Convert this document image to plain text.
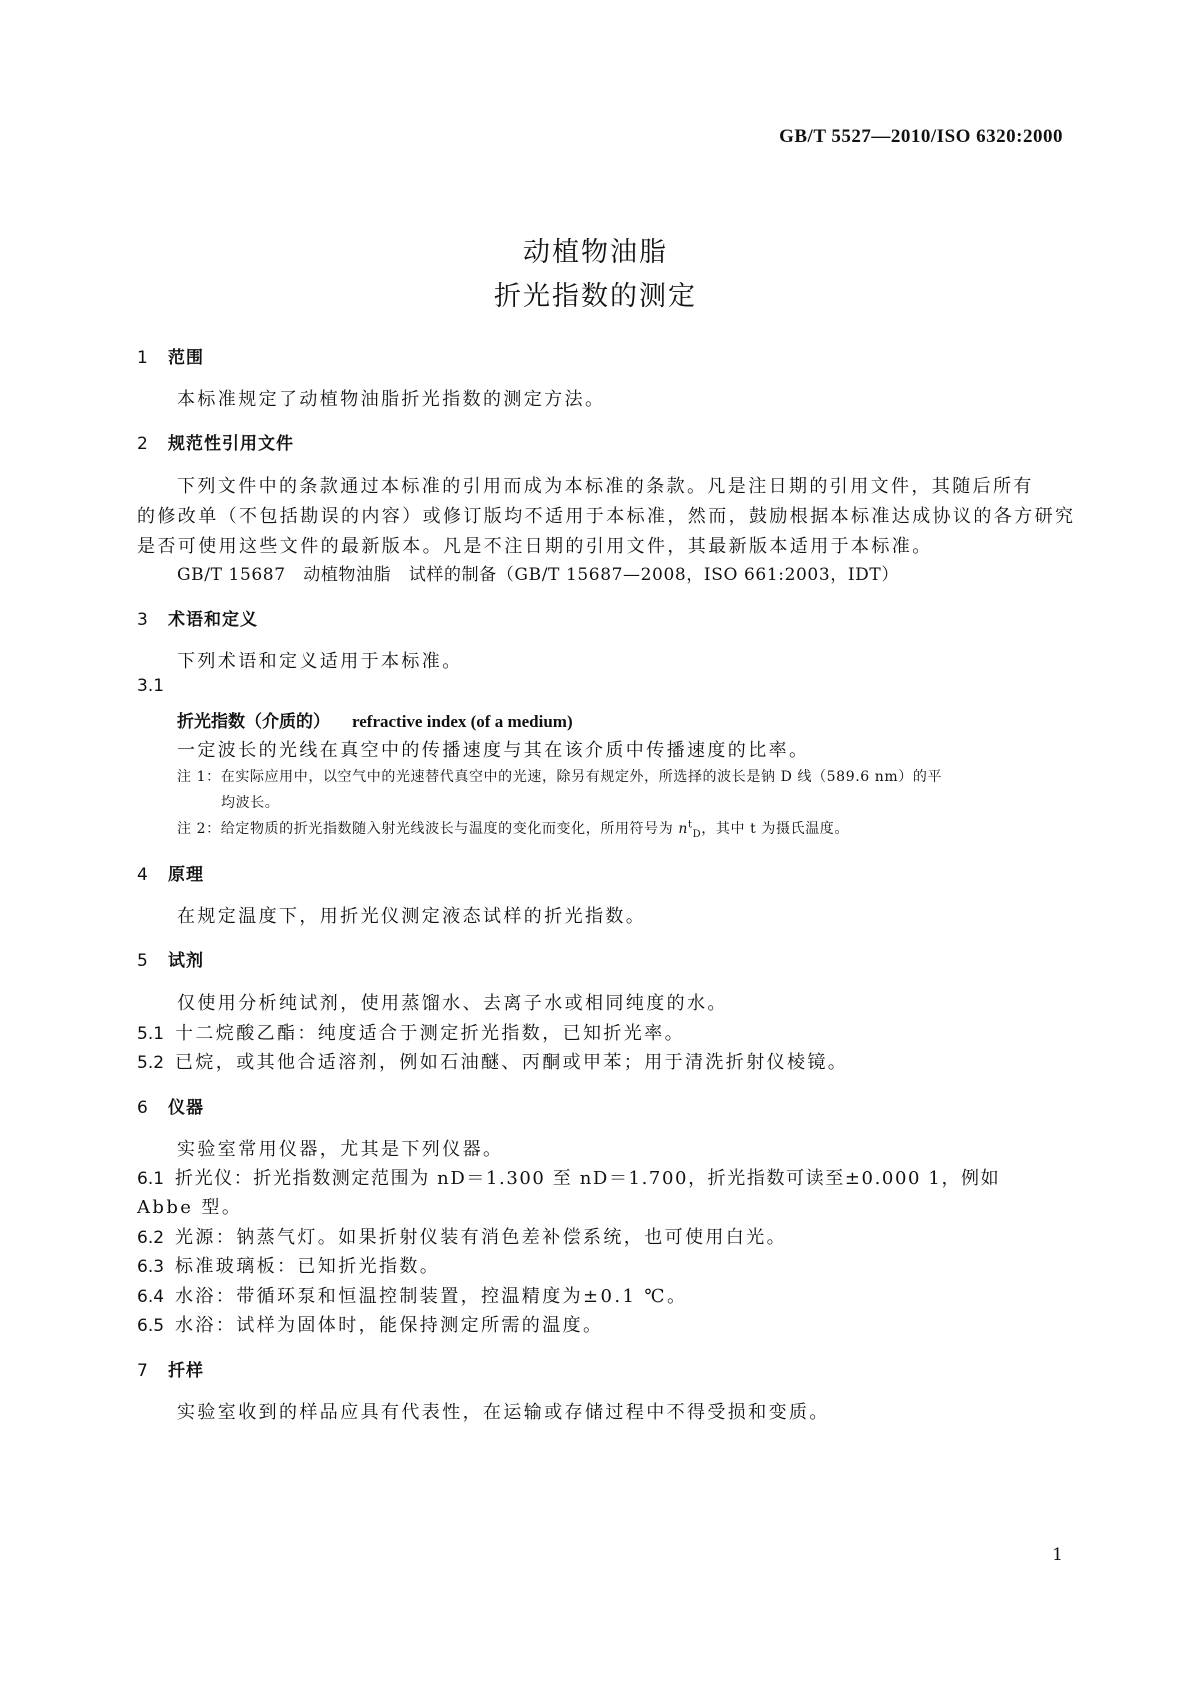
GB/T 5527—2010/ISO 6320:2000
动植物油脂
折光指数的测定
1 范围
本标准规定了动植物油脂折光指数的测定方法。
2 规范性引用文件
下列文件中的条款通过本标准的引用而成为本标准的条款。凡是注日期的引用文件，其随后所有
的修改单（不包括勘误的内容）或修订版均不适用于本标准，然而，鼓励根据本标准达成协议的各方研究
是否可使用这些文件的最新版本。凡是不注日期的引用文件，其最新版本适用于本标准。
GB/T 15687　动植物油脂　试样的制备（GB/T 15687—2008，ISO 661:2003，IDT）
3 术语和定义
下列术语和定义适用于本标准。
3.1
折光指数（介质的） refractive index (of a medium)
一定波长的光线在真空中的传播速度与其在该介质中传播速度的比率。
注 1：在实际应用中，以空气中的光速替代真空中的光速，除另有规定外，所选择的波长是钠 D 线（589.6 nm）的平
均波长。
注 2：给定物质的折光指数随入射光线波长与温度的变化而变化，所用符号为 $n^t_D$，其中 t 为摄氏温度。
4 原理
在规定温度下，用折光仪测定液态试样的折光指数。
5 试剂
仅使用分析纯试剂，使用蒸馏水、去离子水或相同纯度的水。
5.1 十二烷酸乙酯：纯度适合于测定折光指数，已知折光率。
5.2 已烷，或其他合适溶剂，例如石油醚、丙酮或甲苯；用于清洗折射仪棱镜。
6 仪器
实验室常用仪器，尤其是下列仪器。
6.1 折光仪：折光指数测定范围为 nD＝1.300 至 nD＝1.700，折光指数可读至±0.000 1，例如
Abbe 型。
6.2 光源：钠蒸气灯。如果折射仪装有消色差补偿系统，也可使用白光。
6.3 标准玻璃板：已知折光指数。
6.4 水浴：带循环泵和恒温控制装置，控温精度为±0.1 ℃。
6.5 水浴：试样为固体时，能保持测定所需的温度。
7 扦样
实验室收到的样品应具有代表性，在运输或存储过程中不得受损和变质。
1
